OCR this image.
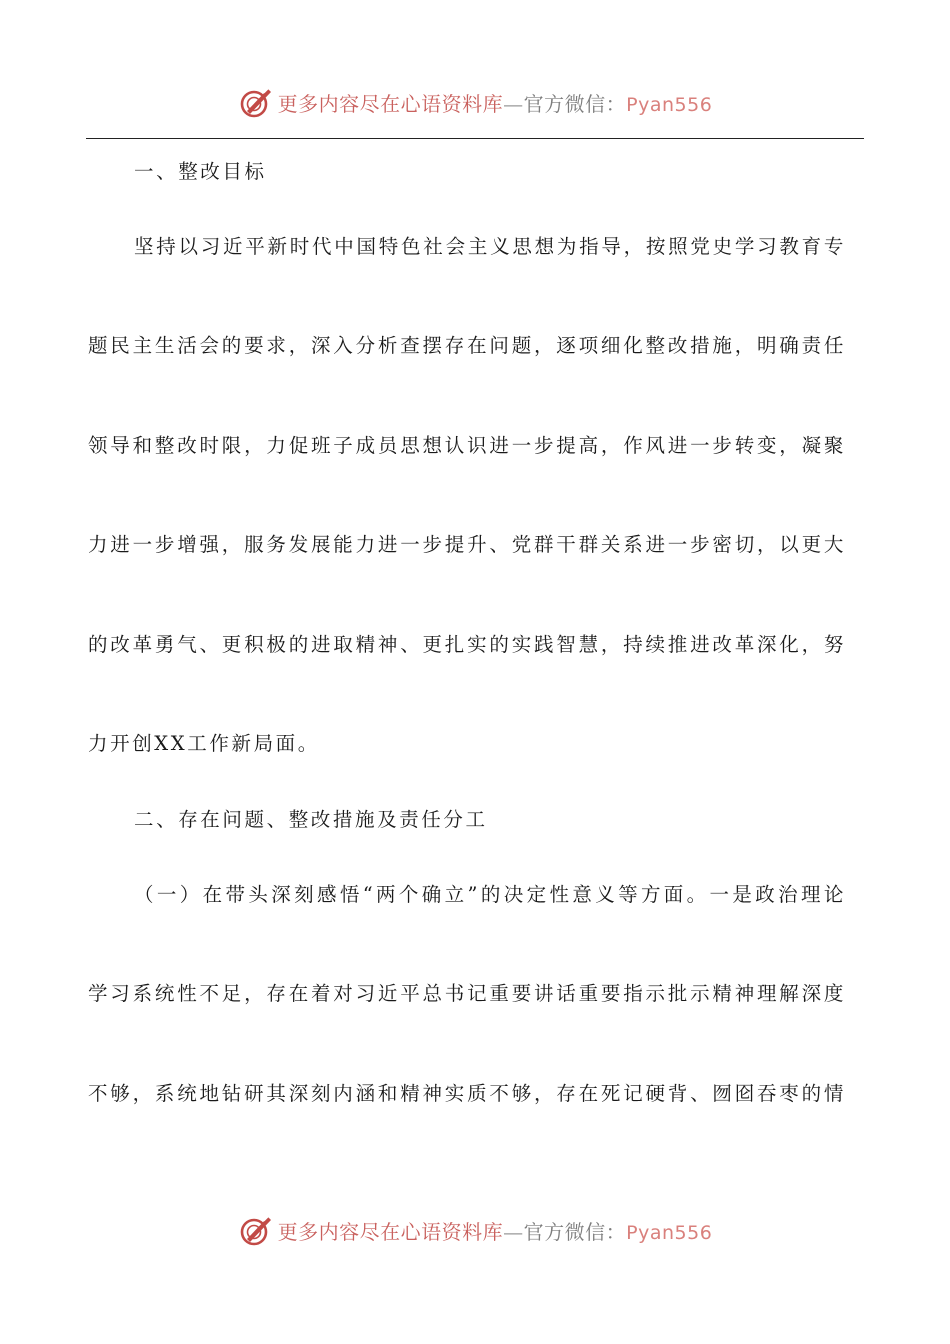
更多内容尽在心语资料库—官方微信：Pyan556
一、整改目标
坚持以习近平新时代中国特色社会主义思想为指导，按照党史学习教育专
题民主生活会的要求，深入分析查摆存在问题，逐项细化整改措施，明确责任
领导和整改时限，力促班子成员思想认识进一步提高，作风进一步转变，凝聚
力进一步增强，服务发展能力进一步提升、党群干群关系进一步密切，以更大
的改革勇气、更积极的进取精神、更扎实的实践智慧，持续推进改革深化，努
力开创XX工作新局面。
二、存在问题、整改措施及责任分工
（一）在带头深刻感悟“两个确立”的决定性意义等方面。一是政治理论
学习系统性不足，存在着对习近平总书记重要讲话重要指示批示精神理解深度
不够，系统地钻研其深刻内涵和精神实质不够，存在死记硬背、囫囵吞枣的情
更多内容尽在心语资料库—官方微信：Pyan556
